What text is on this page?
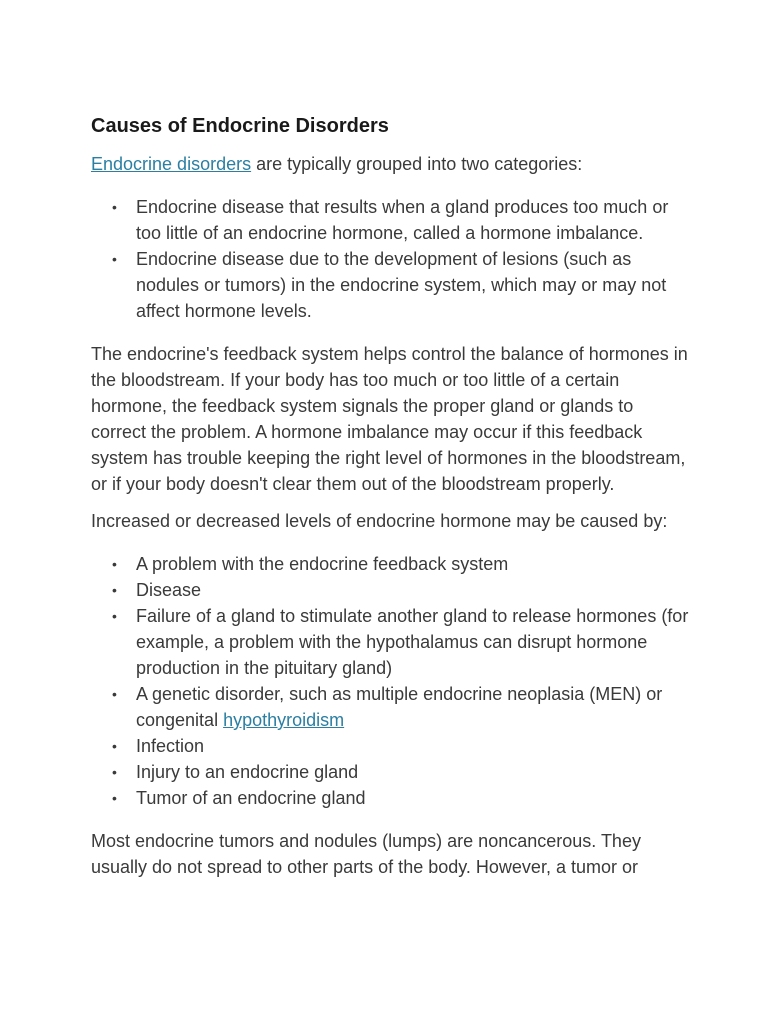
Causes of Endocrine Disorders

Endocrine disorders are typically grouped into two categories:

• Endocrine disease that results when a gland produces too much or too little of an endocrine hormone, called a hormone imbalance.
• Endocrine disease due to the development of lesions (such as nodules or tumors) in the endocrine system, which may or may not affect hormone levels.

The endocrine's feedback system helps control the balance of hormones in the bloodstream. If your body has too much or too little of a certain hormone, the feedback system signals the proper gland or glands to correct the problem. A hormone imbalance may occur if this feedback system has trouble keeping the right level of hormones in the bloodstream, or if your body doesn't clear them out of the bloodstream properly.

Increased or decreased levels of endocrine hormone may be caused by:

• A problem with the endocrine feedback system
• Disease
• Failure of a gland to stimulate another gland to release hormones (for example, a problem with the hypothalamus can disrupt hormone production in the pituitary gland)
• A genetic disorder, such as multiple endocrine neoplasia (MEN) or congenital hypothyroidism
• Infection
• Injury to an endocrine gland
• Tumor of an endocrine gland

Most endocrine tumors and nodules (lumps) are noncancerous. They usually do not spread to other parts of the body. However, a tumor or
